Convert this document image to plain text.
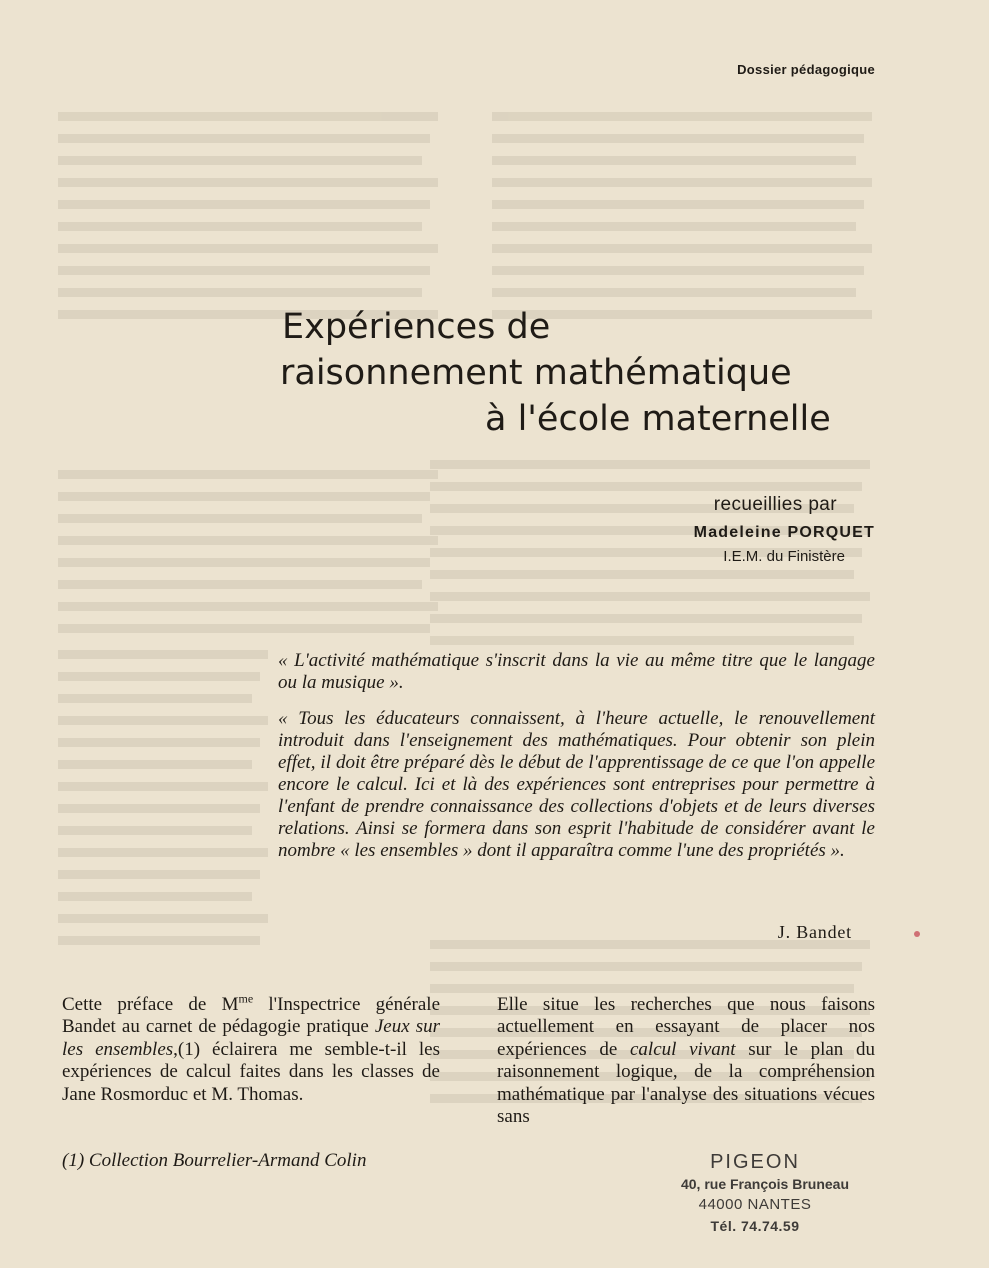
Dossier pédagogique
Expériences de
raisonnement mathématique
à l'école maternelle
recueillies par
Madeleine PORQUET
I.E.M. du Finistère

« L'activité mathématique s'inscrit dans la vie au même titre que le langage ou la musique ».

« Tous les éducateurs connaissent, à l'heure actuelle, le renouvellement introduit dans l'enseignement des mathématiques. Pour obtenir son plein effet, il doit être préparé dès le début de l'apprentissage de ce que l'on appelle encore le calcul. Ici et là des expériences sont entreprises pour permettre à l'enfant de prendre connaissance des collections d'objets et de leurs diverses relations. Ainsi se formera dans son esprit l'habitude de considérer avant le nombre « les ensembles » dont il apparaîtra comme l'une des propriétés ».

J. Bandet

Cette préface de $M^{me}$ l'Inspectrice générale Bandet au carnet de pédagogie pratique Jeux sur les ensembles,(1) éclairera me semble-t-il les expériences de calcul faites dans les classes de Jane Rosmorduc et M. Thomas.

(1) Collection Bourrelier-Armand Colin

Elle situe les recherches que nous faisons actuellement en essayant de placer nos expériences de calcul vivant sur le plan du raisonnement logique, de la compréhension mathématique par l'analyse des situations vécues sans

PIGEON
40, rue François Bruneau
44000 NANTES
Tél. 74.74.59
